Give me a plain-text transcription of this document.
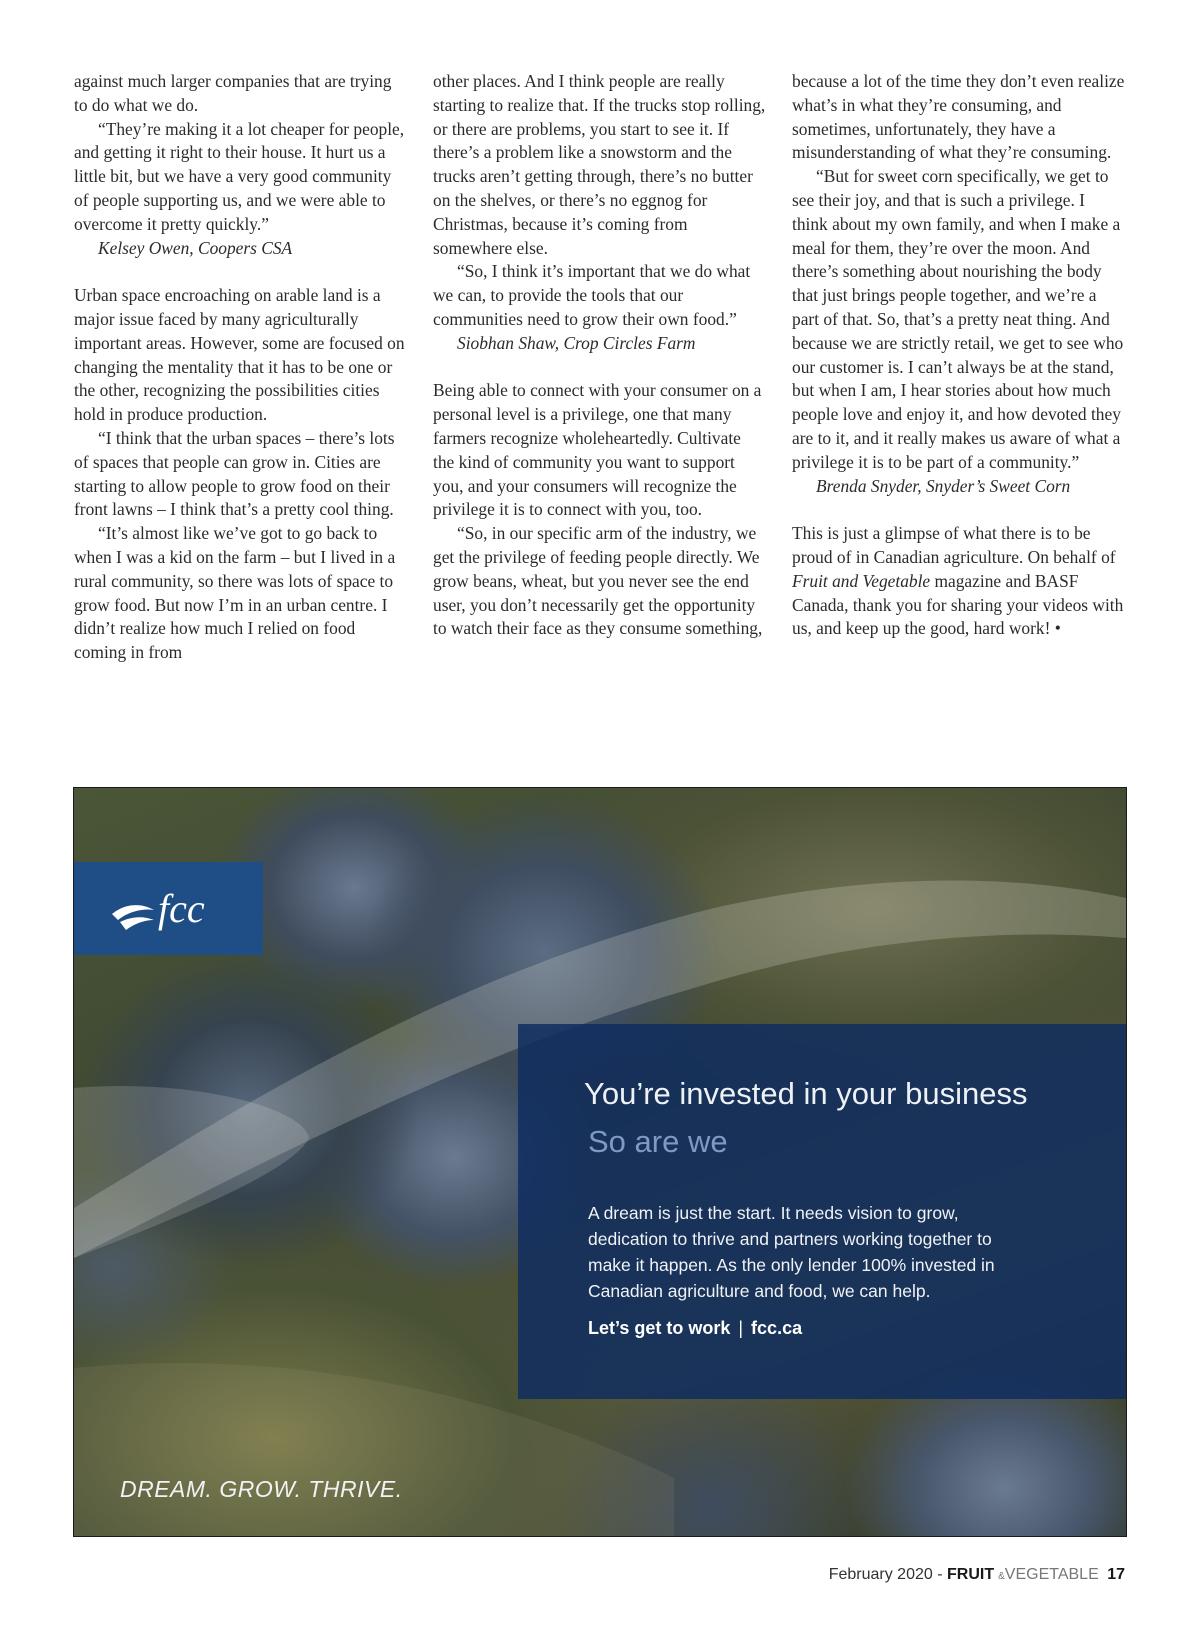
against much larger companies that are trying to do what we do.

“They’re making it a lot cheaper for people, and getting it right to their house. It hurt us a little bit, but we have a very good community of people supporting us, and we were able to overcome it pretty quickly.”

Kelsey Owen, Coopers CSA

Urban space encroaching on arable land is a major issue faced by many agriculturally important areas. However, some are focused on changing the mentality that it has to be one or the other, recognizing the possibilities cities hold in produce production.

“I think that the urban spaces – there’s lots of spaces that people can grow in. Cities are starting to allow people to grow food on their front lawns – I think that’s a pretty cool thing.

“It’s almost like we’ve got to go back to when I was a kid on the farm – but I lived in a rural community, so there was lots of space to grow food. But now I’m in an urban centre. I didn’t realize how much I relied on food coming in from

other places. And I think people are really starting to realize that. If the trucks stop rolling, or there are problems, you start to see it. If there’s a problem like a snowstorm and the trucks aren’t getting through, there’s no butter on the shelves, or there’s no eggnog for Christmas, because it’s coming from somewhere else.

“So, I think it’s important that we do what we can, to provide the tools that our communities need to grow their own food.”

Siobhan Shaw, Crop Circles Farm

Being able to connect with your consumer on a personal level is a privilege, one that many farmers recognize wholeheartedly. Cultivate the kind of community you want to support you, and your consumers will recognize the privilege it is to connect with you, too.

“So, in our specific arm of the industry, we get the privilege of feeding people directly. We grow beans, wheat, but you never see the end user, you don’t necessarily get the opportunity to watch their face as they consume something,

because a lot of the time they don’t even realize what’s in what they’re consuming, and sometimes, unfortunately, they have a misunderstanding of what they’re consuming.

“But for sweet corn specifically, we get to see their joy, and that is such a privilege. I think about my own family, and when I make a meal for them, they’re over the moon. And there’s something about nourishing the body that just brings people together, and we’re a part of that. So, that’s a pretty neat thing. And because we are strictly retail, we get to see who our customer is. I can’t always be at the stand, but when I am, I hear stories about how much people love and enjoy it, and how devoted they are to it, and it really makes us aware of what a privilege it is to be part of a community.”

Brenda Snyder, Snyder’s Sweet Corn

This is just a glimpse of what there is to be proud of in Canadian agriculture. On behalf of Fruit and Vegetable magazine and BASF Canada, thank you for sharing your videos with us, and keep up the good, hard work! •

fcc
You’re invested in your business
So are we
A dream is just the start. It needs vision to grow, dedication to thrive and partners working together to make it happen. As the only lender 100% invested in Canadian agriculture and food, we can help.
Let’s get to work | fcc.ca
DREAM. GROW. THRIVE.
February 2020 - FRUIT &VEGETABLE 17
